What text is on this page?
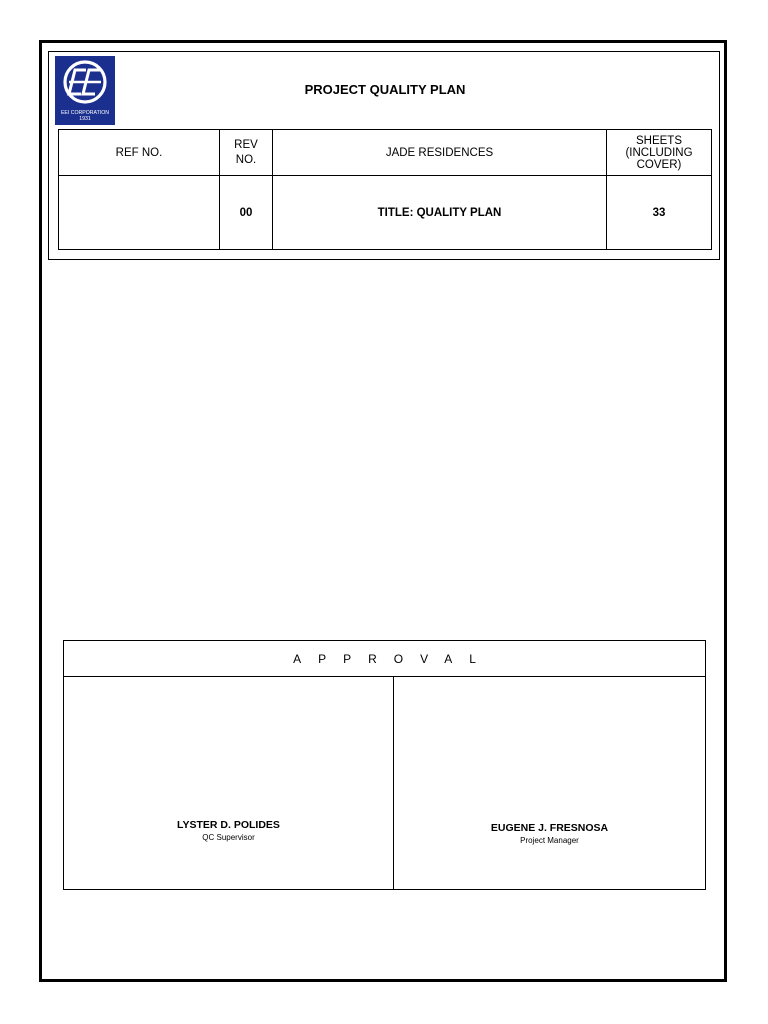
EEI CORPORATION
1931
PROJECT QUALITY PLAN
REF NO.	REV NO.	JADE RESIDENCES	SHEETS
(INCLUDING COVER)

	00	TITLE: QUALITY PLAN	33
APPROVAL

LYSTER D. POLIDES
QC Supervisor

EUGENE J. FRESNOSA
Project Manager
